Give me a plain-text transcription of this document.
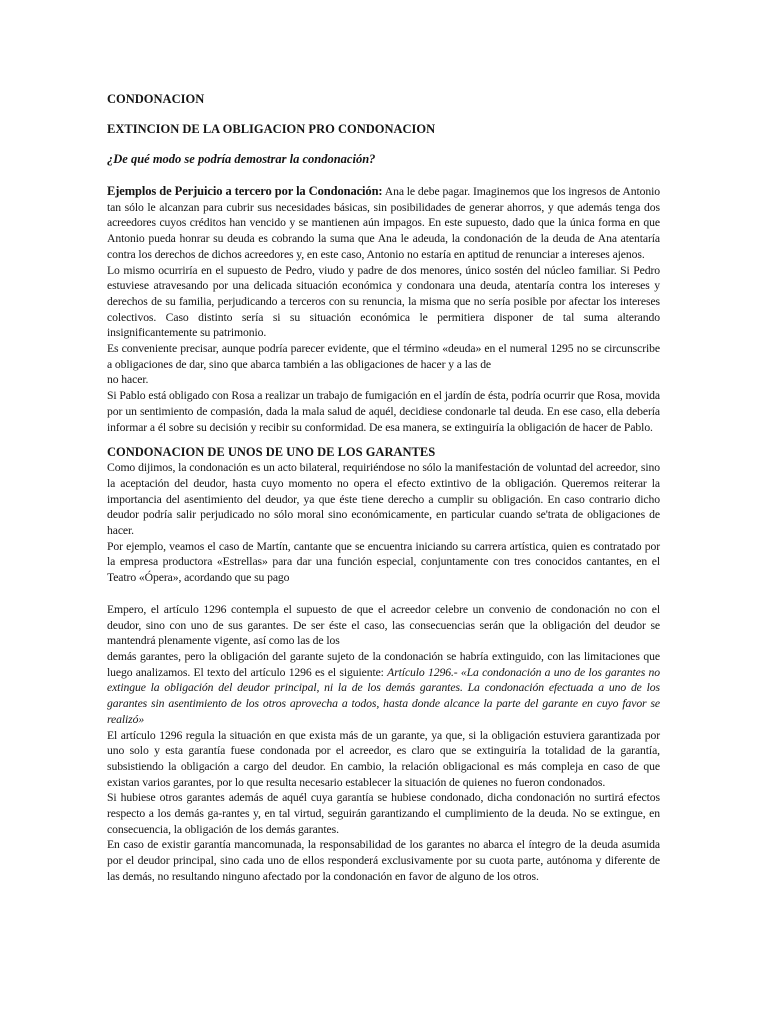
CONDONACION
EXTINCION DE LA OBLIGACION PRO CONDONACION
¿De qué modo se podría demostrar la condonación?

Ejemplos de Perjuicio a tercero por la Condonación: Ana le debe pagar. Imaginemos que los ingresos de Antonio tan sólo le alcanzan para cubrir sus necesidades básicas, sin posibilidades de generar ahorros, y que además tenga dos acreedores cuyos créditos han vencido y se mantienen aún impagos. En este supuesto, dado que la única forma en que Antonio pueda honrar su deuda es cobrando la suma que Ana le adeuda, la condonación de la deuda de Ana atentaría contra los derechos de dichos acreedores y, en este caso, Antonio no estaría en aptitud de renunciar a intereses ajenos.

Lo mismo ocurriría en el supuesto de Pedro, viudo y padre de dos menores, único sostén del núcleo familiar. Si Pedro estuviese atravesando por una delicada situación económica y condonara una deuda, atentaría contra los intereses y derechos de su familia, perjudicando a terceros con su renuncia, la misma que no sería posible por afectar los intereses colectivos. Caso distinto sería si su situación económica le permitiera disponer de tal suma alterando insignificantemente su patrimonio.

Es conveniente precisar, aunque podría parecer evidente, que el término «deuda» en el numeral 1295 no se circunscribe a obligaciones de dar, sino que abarca también a las obligaciones de hacer y a las de

no hacer.

Si Pablo está obligado con Rosa a realizar un trabajo de fumigación en el jardín de ésta, podría ocurrir que Rosa, movida por un sentimiento de compasión, dada la mala salud de aquél, decidiese condonarle tal deuda. En ese caso, ella debería informar a él sobre su decisión y recibir su conformidad. De esa manera, se extinguiría la obligación de hacer de Pablo.

CONDONACION DE UNOS DE UNO DE LOS GARANTES

Como dijimos, la condonación es un acto bilateral, requiriéndose no sólo la manifestación de voluntad del acreedor, sino la aceptación del deudor, hasta cuyo momento no opera el efecto extintivo de la obligación. Queremos reiterar la importancia del asentimiento del deudor, ya que éste tiene derecho a cumplir su obligación. En caso contrario dicho deudor podría salir perjudicado no sólo moral sino económicamente, en particular cuando se'trata de obligaciones de hacer.

Por ejemplo, veamos el caso de Martín, cantante que se encuentra iniciando su carrera artística, quien es contratado por la empresa productora «Estrellas» para dar una función especial, conjuntamente con tres conocidos cantantes, en el Teatro «Ópera», acordando que su pago

Empero, el artículo 1296 contempla el supuesto de que el acreedor celebre un convenio de condonación no con el deudor, sino con uno de sus garantes. De ser éste el caso, las consecuencias serán que la obligación del deudor se mantendrá plenamente vigente, así como las de los

demás garantes, pero la obligación del garante sujeto de la condonación se habría extinguido, con las limitaciones que luego analizamos. El texto del artículo 1296 es el siguiente: Artículo 1296.- «La condonación a uno de los garantes no extingue la obligación del deudor principal, ni la de los demás garantes. La condonación efectuada a uno de los garantes sin asentimiento de los otros aprovecha a todos, hasta donde alcance la parte del garante en cuyo favor se realizó»

El artículo 1296 regula la situación en que exista más de un garante, ya que, si la obligación estuviera garantizada por uno solo y esta garantía fuese condonada por el acreedor, es claro que se extinguiría la totalidad de la garantía, subsistiendo la obligación a cargo del deudor. En cambio, la relación obligacional es más compleja en caso de que existan varios garantes, por lo que resulta necesario establecer la situación de quienes no fueron condonados.

Si hubiese otros garantes además de aquél cuya garantía se hubiese condonado, dicha condonación no surtirá efectos respecto a los demás ga-rantes y, en tal virtud, seguirán garantizando el cumplimiento de la deuda. No se extingue, en consecuencia, la obligación de los demás garantes.

En caso de existir garantía mancomunada, la responsabilidad de los garantes no abarca el íntegro de la deuda asumida por el deudor principal, sino cada uno de ellos responderá exclusivamente por su cuota parte, autónoma y diferente de las demás, no resultando ninguno afectado por la condonación en favor de alguno de los otros.
